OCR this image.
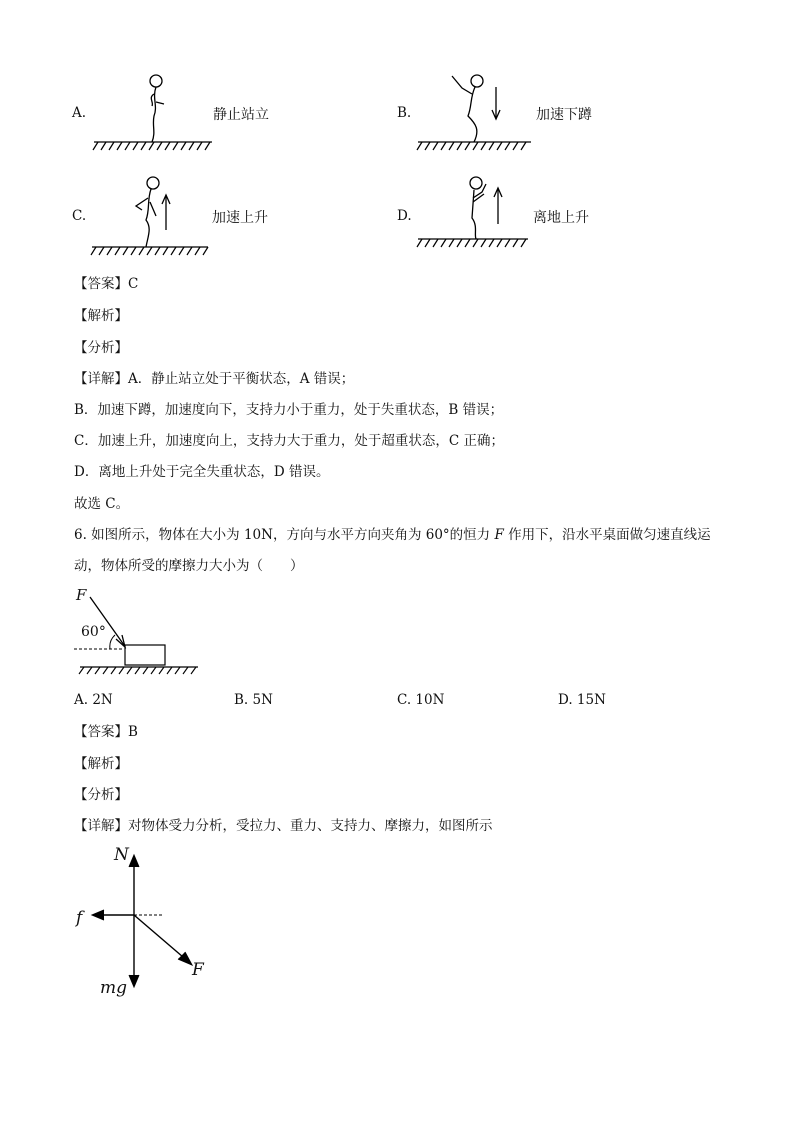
A.	静止站立	B.	加速下蹲
C.	加速上升	D.	离地上升
【答案】C
【解析】
【分析】
【详解】A．静止站立处于平衡状态，A 错误；
B．加速下蹲，加速度向下，支持力小于重力，处于失重状态，B 错误；
C．加速上升，加速度向上，支持力大于重力，处于超重状态，C 正确；
D．离地上升处于完全失重状态，D 错误。
故选 C。
6. 如图所示，物体在大小为 10N，方向与水平方向夹角为 60°的恒力 F 作用下，沿水平桌面做匀速直线运
动，物体所受的摩擦力大小为（　　）
F
60°
A. 2N	B. 5N	C. 10N	D. 15N
【答案】B
【解析】
【分析】
【详解】对物体受力分析，受拉力、重力、支持力、摩擦力，如图所示
N
f
mg
F
